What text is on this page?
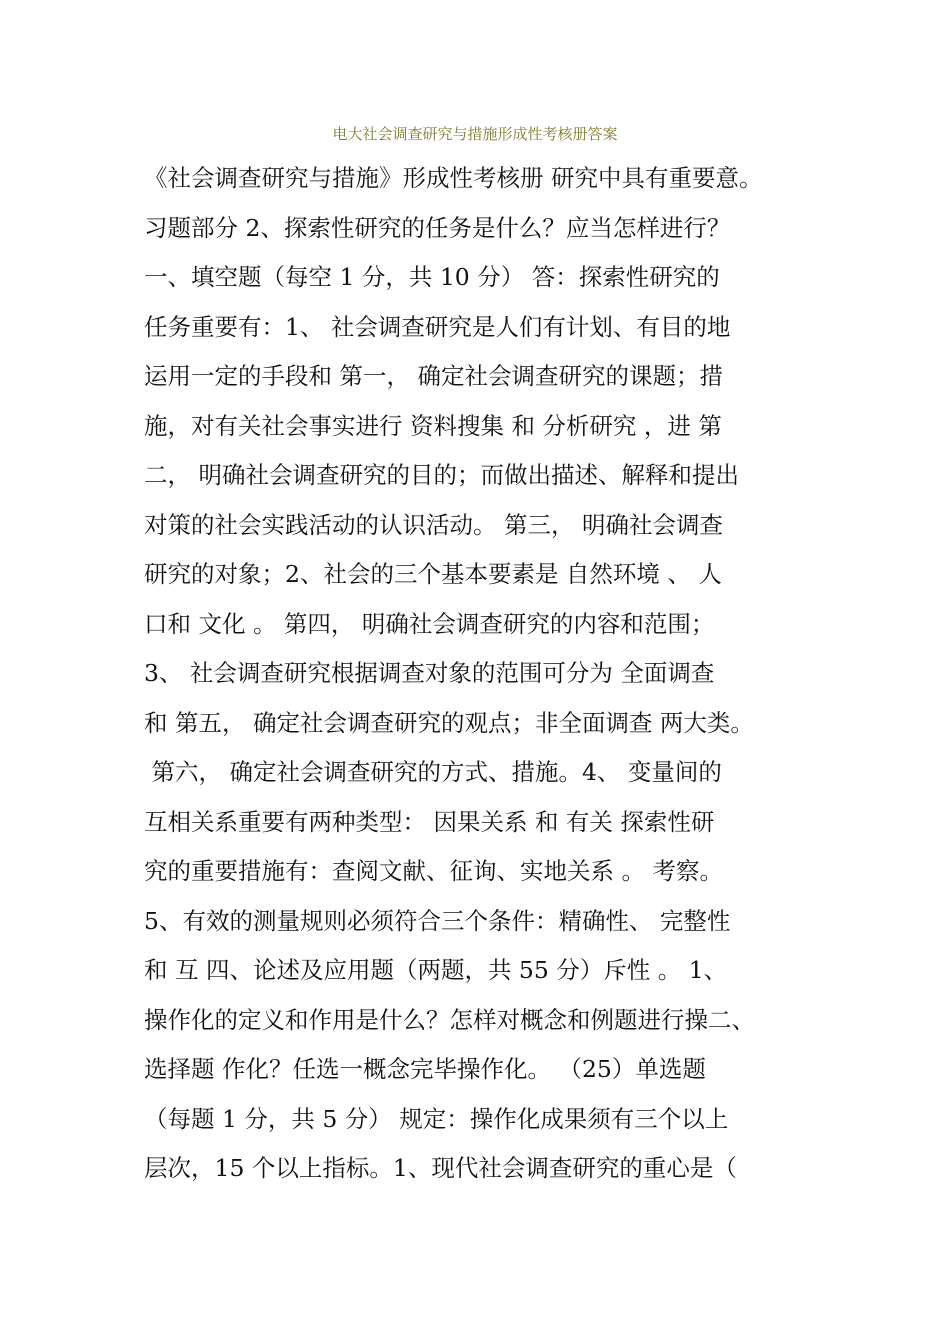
电大社会调查研究与措施形成性考核册答案
《社会调查研究与措施》形成性考核册 研究中具有重要意。
习题部分 2、探索性研究的任务是什么？应当怎样进行？
一、填空题（每空 1 分，共 10 分） 答：探索性研究的
任务重要有：1、 社会调查研究是人们有计划、有目的地
运用一定的手段和 第一， 确定社会调查研究的课题；措
施，对有关社会事实进行 资料搜集 和 分析研究 ，进 第
二， 明确社会调查研究的目的；而做出描述、解释和提出
对策的社会实践活动的认识活动。 第三， 明确社会调查
研究的对象；2、社会的三个基本要素是 自然环境 、 人
口和 文化 。 第四， 明确社会调查研究的内容和范围；
3、 社会调查研究根据调查对象的范围可分为 全面调查
和 第五， 确定社会调查研究的观点；非全面调查 两大类。
第六， 确定社会调查研究的方式、措施。4、 变量间的
互相关系重要有两种类型： 因果关系 和 有关 探索性研
究的重要措施有：查阅文献、征询、实地关系 。 考察。
5、有效的测量规则必须符合三个条件：精确性、 完整性
和 互 四、论述及应用题（两题，共 55 分）斥性 。 1、
操作化的定义和作用是什么？怎样对概念和例题进行操二、
选择题 作化？任选一概念完毕操作化。 （25）单选题
（每题 1 分，共 5 分） 规定：操作化成果须有三个以上
层次，15 个以上指标。1、现代社会调查研究的重心是（
